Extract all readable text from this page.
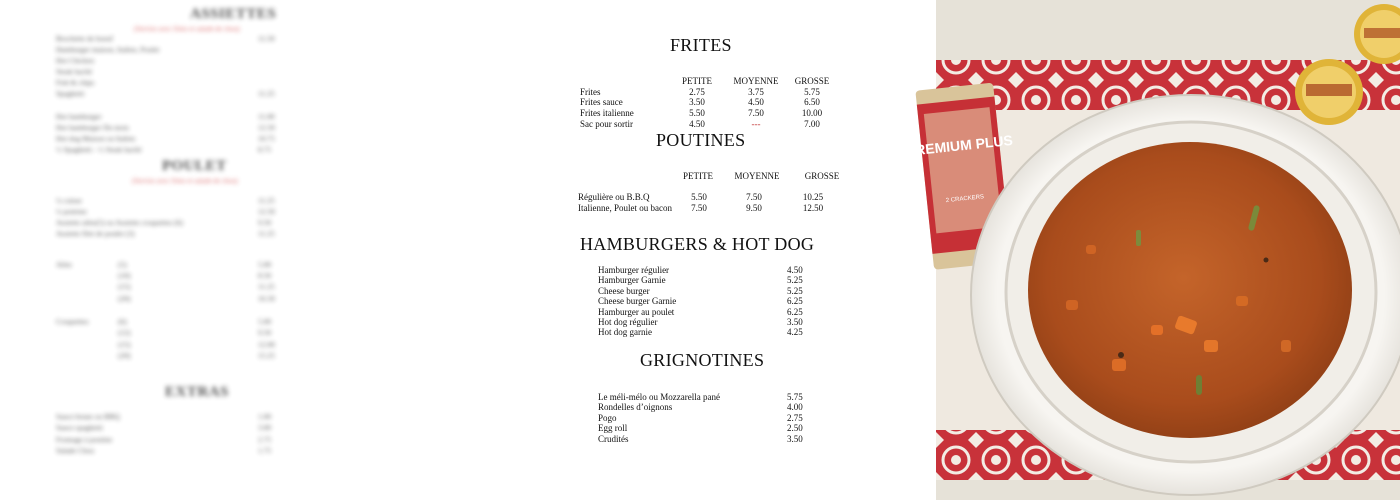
ASSIETTES
(Servies avec frites et salade de chou)
Brochette de boeuf	11.50
Hamburger maison, Italien, Poulet
Hot Chicken
Steak haché
Fish & chips
Spaghetti	11.25
Hot hamburger	11.00
Hot hamburger Du mois	12.50
Hot dog Maison ou Italien	10.75
½ Spaghetti - ½ Steak haché	8.75
POULET
(Servies avec frites et salade de chou)
¼ cuisse	11.25
¼ poitrine	12.50
Assiette ailes(5) ou Assiette croquettes (6)	9.50
Assiette filet de poulet (3)	11.25
Ailes	(5)	5.00
(10)	8.50
(15)	11.25
(20)	16.50
Croquettes	(6)	5.00
(12)	9.50
(15)	12.00
(20)	15.25
EXTRAS
Sauce brune ou BBQ	1.00
Sauce spaghetti	3.00
Fromage à poutine	2.75
Salade Chou	1.75
FRITES
PETITE	MOYENNE	GROSSE
Frites	2.75	3.75	5.75
Frites sauce	3.50	4.50	6.50
Frites italienne	5.50	7.50	10.00
Sac pour sortir	4.50	---	7.00
POUTINES
PETITE	MOYENNE	GROSSE
Régulière ou B.B.Q	5.50	7.50	10.25
Italienne, Poulet ou bacon	7.50	9.50	12.50
HAMBURGERS & HOT DOG
Hamburger régulier	4.50
Hamburger Garnie	5.25
Cheese burger	5.25
Cheese burger Garnie	6.25
Hamburger au poulet	6.25
Hot dog régulier	3.50
Hot dog garnie	4.25
GRIGNOTINES
Le méli-mélo ou Mozzarella pané	5.75
Rondelles d’oignons	4.00
Pogo	2.75
Egg roll	2.50
Crudités	3.50
PREMIUM PLUS
2 CRACKERS
